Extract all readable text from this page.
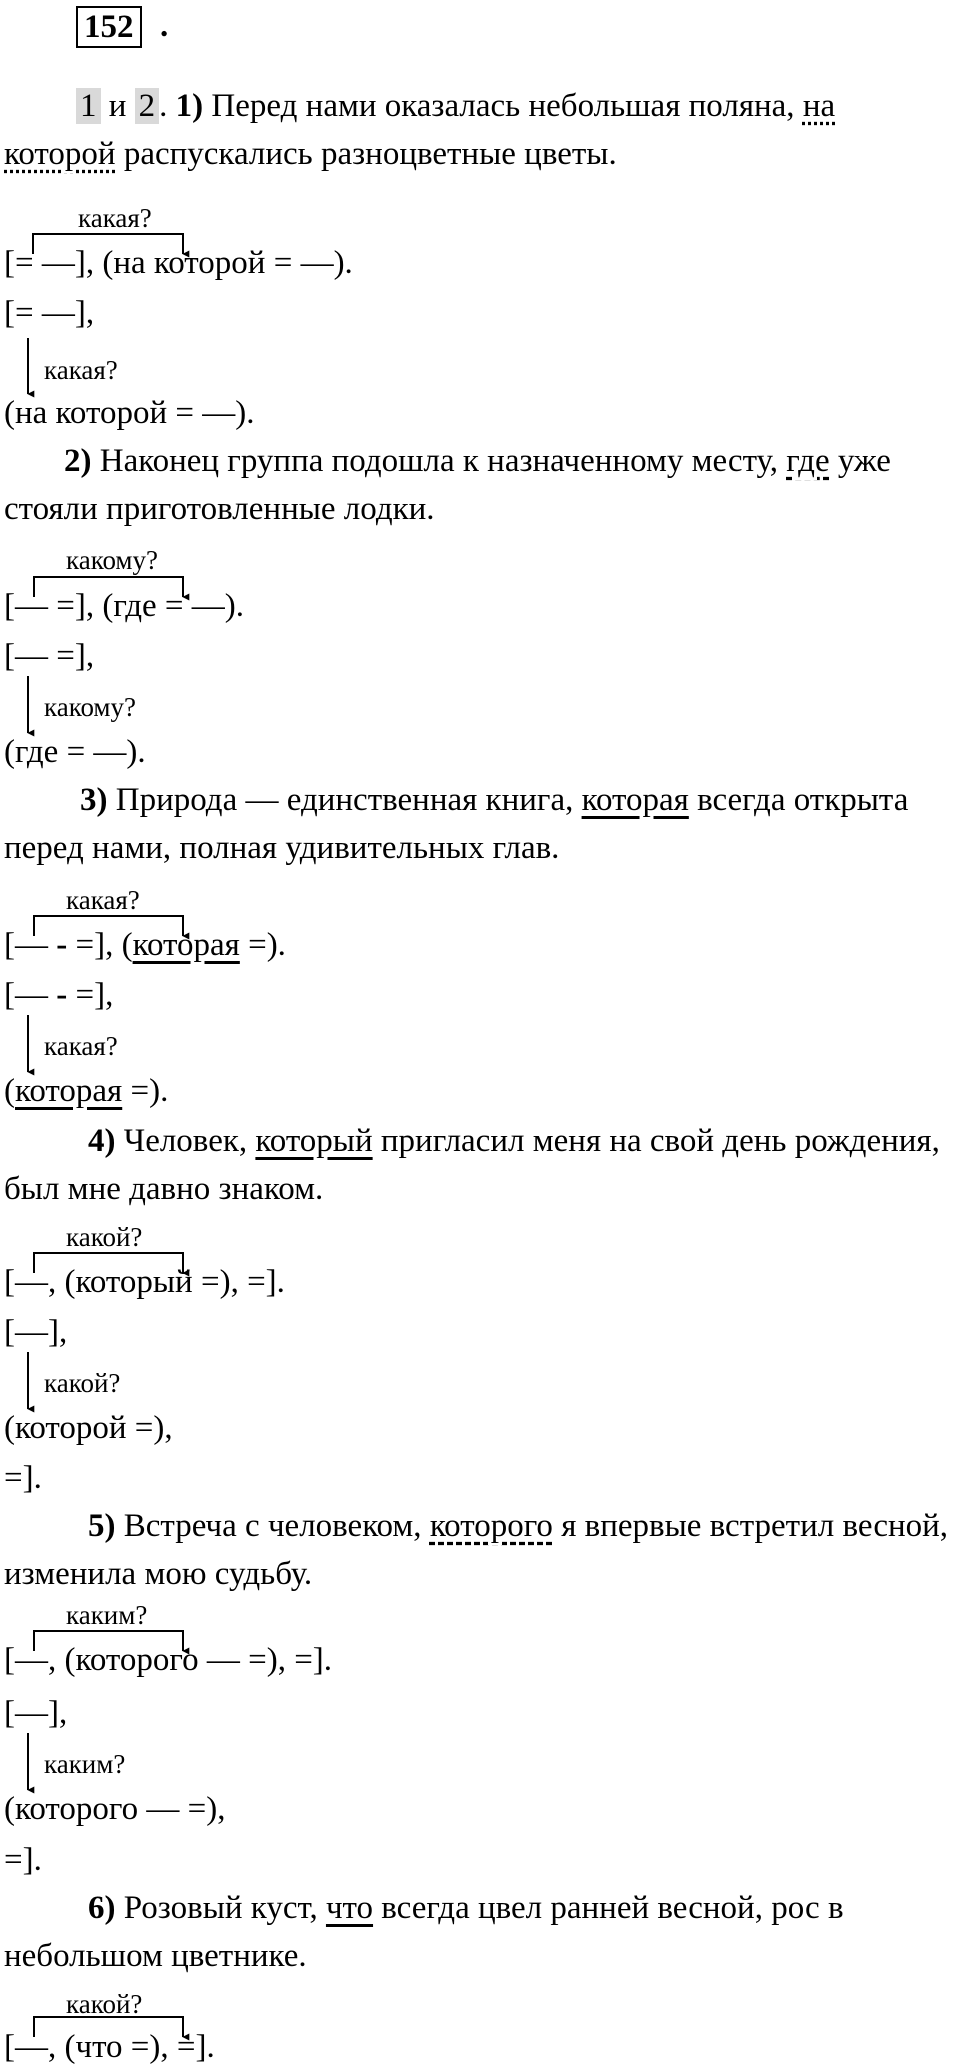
152 .
1 и 2 . 1) Перед нами оказалась небольшая поляна, на которой распускались разноцветные цветы.
какая?
[= —], (на которой = —).
[= —],
какая?
(на которой = —).
2) Наконец группа подошла к назначенному месту, где уже стояли приготовленные лодки.
какому?
[— =], (где = —).
[— =],
какому?
(где = —).
3) Природа — единственная книга, которая всегда открыта перед нами, полная удивительных глав.
какая?
[— - =], (которая =).
[— - =],
какая?
(которая =).
4) Человек, который пригласил меня на свой день рождения, был мне давно знаком.
какой?
[—, (который =), =].
[—],
какой?
(которой =),
=].
5) Встреча с человеком, которого я впервые встретил весной, изменила мою судьбу.
каким?
[—, (которого — =), =].
[—],
каким?
(которого — =),
=].
6) Розовый куст, что всегда цвел ранней весной, рос в небольшом цветнике.
какой?
[—, (что =), =].
